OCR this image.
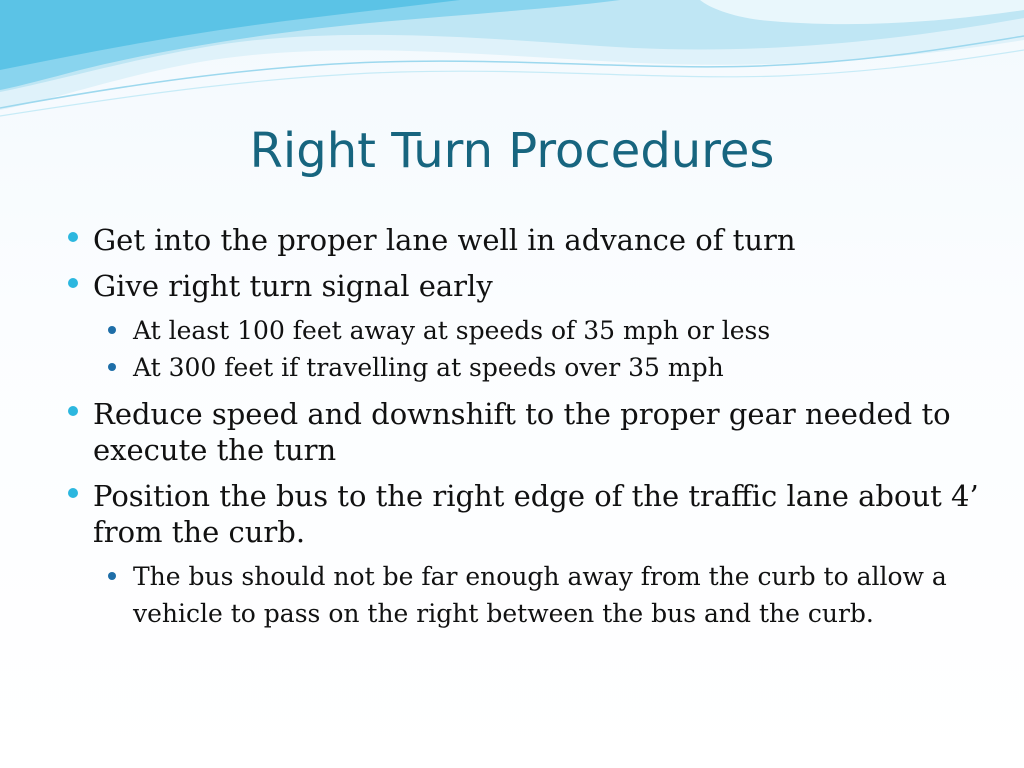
Right Turn Procedures
Get into the proper lane well in advance of turn
Give right turn signal early
At least 100 feet away at speeds of 35 mph or less
At 300 feet if travelling at speeds over 35 mph
Reduce speed and downshift to the proper gear needed to execute the turn
Position the bus to the right edge of the traffic lane about 4’ from the curb.
The bus should not be far enough away from the curb to allow a vehicle to pass on the right between the bus and the curb.
